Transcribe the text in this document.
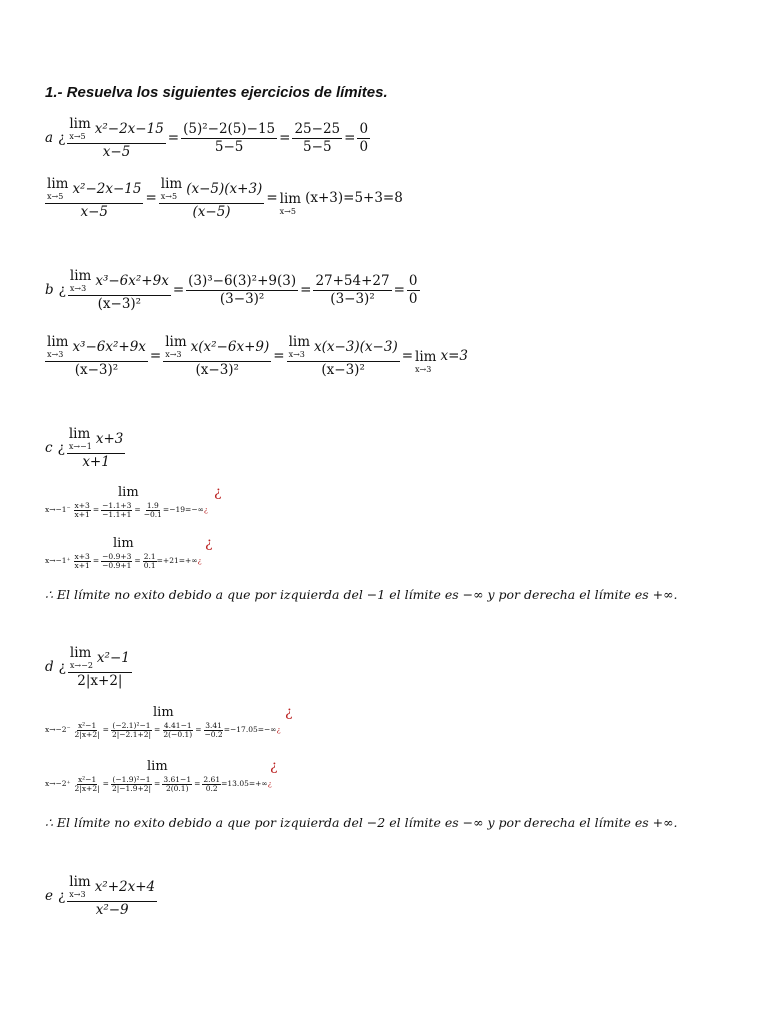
1.- Resuelva los siguientes ejercicios de límites.
a ¿ lim
x→5 x²−2x−15
$x-5 = \frac{\text{(5)²−2(5)−15}}{5-5} = \frac{25-25}{5-5} = \frac{0}{0}$
lim
x→5 x²−2x−15
x−5 = lim
x→5 (x−5)(x+3)
(x−5) = lim
x→5
(x+3)=5+3=8
b ¿ lim
x→3 x³−6x²+9x
$(x-3)^2 = \frac{\text{(3)³−6(3)²+9(3)}}{\text{(3−3)²}} = \frac{27+54+27}{\text{(3−3)²}} = \frac{0}{0}$
lim
x→3 x³−6x²+9x
(x−3)² = lim
x→3 x(x²−6x+9)
(x−3)² = lim
x→3 x(x−3)(x−3)
(x−3)² = lim
x→3
x=3
c ¿ lim
x→−1 x+3
x+1
lim	¿
$x\to-1^- \frac{x+3}{x+1} = \frac{-1.1+3}{-1.1+1} = \frac{1.9}{-0.1} =-19=-\infty$ ¿
lim	¿
$x\to-1^+ \frac{x+3}{x+1} = \frac{-0.9+3}{-0.9+1} = \frac{2.1}{0.1} =+21=+\infty$ ¿
∴ El límite no exito debido a que por izquierda del −1 el límite es −∞ y por derecha el límite es +∞.
d ¿ lim
x→−2 x²−1
2|x+2|
lim	¿
$x\to-2^- \frac{\text{x²−1}}{2|x+2|} = \frac{\text{(−2.1)²−1}}{2|-2.1+2|} = \frac{4.41-1}{2(-0.1)} = \frac{3.41}{-0.2} =-17.05=-\infty$ ¿
lim	¿
$x\to-2^+ \frac{\text{x²−1}}{2|x+2|} = \frac{\text{(−1.9)²−1}}{2|-1.9+2|} = \frac{3.61-1}{2(0.1)} = \frac{2.61}{0.2} =13.05=+\infty$ ¿
∴ El límite no exito debido a que por izquierda del −2 el límite es −∞ y por derecha el límite es +∞.
e ¿ lim
x→3 x²+2x+4
x²−9
